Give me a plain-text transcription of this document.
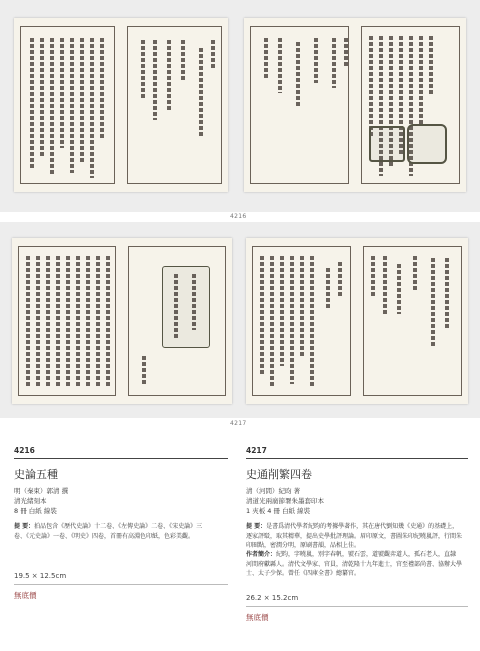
4216

4217
4216
史論五種
明（秦束）郭清 撰
清光緒刻本
8 冊 白紙 線裝
提 要：拍品包含《歷代史論》十二卷、《左傳史論》二卷、《宋史論》三卷、《元史論》一卷、《明史》四卷，首冊有高淵色印紙，色彩美觀。
19.5 × 12.5cm
無底價
4217
史通削繁四卷
清（河間）紀昀 著
清道光兩廣節署朱墨套印本
1 夾板 4 冊 白紙 線裝
提 要：是書爲清代學者紀昀的考據學著作，其在唐代劉知幾《史通》的基礎上，逐家評駁，取其精華，提出史學批評理論。眉印原文，書圖朱印紀曉嵐評，行間朱印圈點，密潤分明，原刷書韻，品相上佳。
作者簡介：紀昀，字曉嵐，別字春帆，號石雲，道號觀弈道人，孤石老人，直隸河間府獻縣人。清代文學家、官員，清乾隆十九年進士，官至禮部尚書、協辦大學士、太子少保。曾任《四庫全書》總纂官。
26.2 × 15.2cm
無底價
